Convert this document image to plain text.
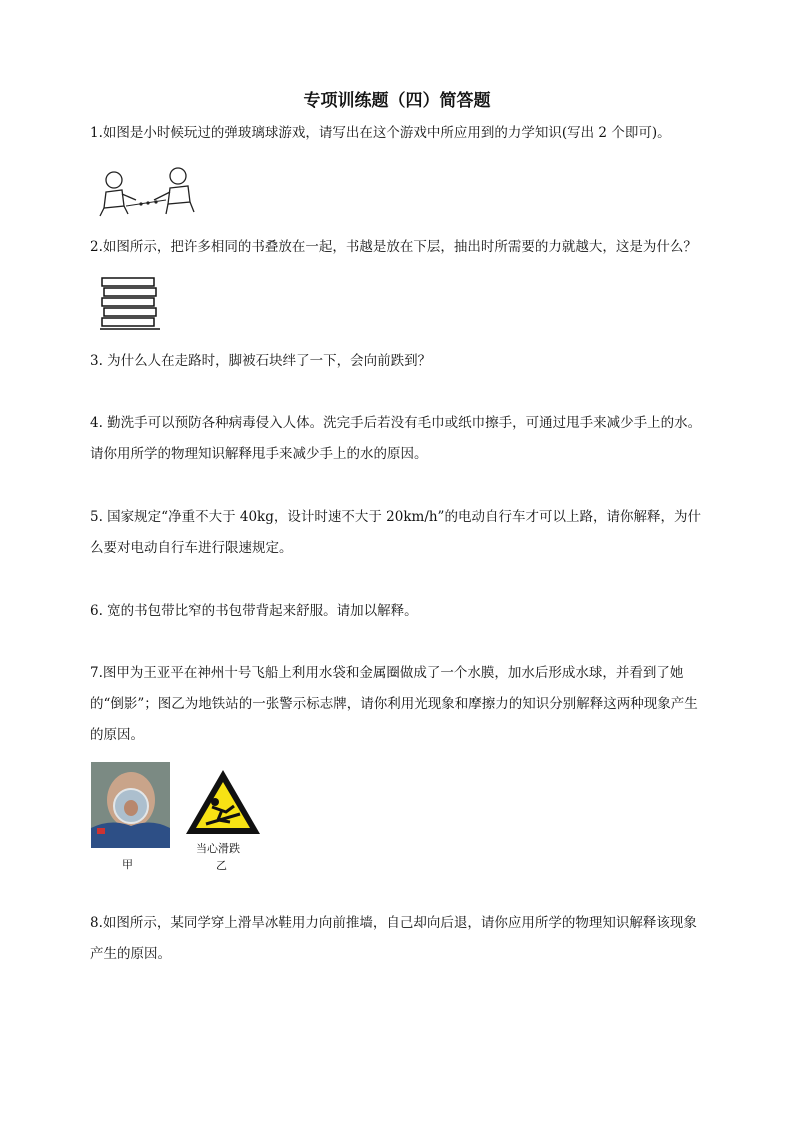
专项训练题（四）简答题
1.如图是小时候玩过的弹玻璃球游戏，请写出在这个游戏中所应用到的力学知识(写出 2 个即可)。
2.如图所示，把许多相同的书叠放在一起，书越是放在下层，抽出时所需要的力就越大，这是为什么？
3. 为什么人在走路时，脚被石块绊了一下，会向前跌到？
4. 勤洗手可以预防各种病毒侵入人体。洗完手后若没有毛巾或纸巾擦手，可通过甩手来减少手上的水。请你用所学的物理知识解释甩手来减少手上的水的原因。
5. 国家规定“净重不大于 40kg，设计时速不大于 20km/h”的电动自行车才可以上路，请你解释，为什么要对电动自行车进行限速规定。
6. 宽的书包带比窄的书包带背起来舒服。请加以解释。
7.图甲为王亚平在神州十号飞船上利用水袋和金属圈做成了一个水膜，加水后形成水球，并看到了她的“倒影”；图乙为地铁站的一张警示标志牌，请你利用光现象和摩擦力的知识分别解释这两种现象产生的原因。
当心滑跌
甲	乙
8.如图所示，某同学穿上滑旱冰鞋用力向前推墙，自己却向后退，请你应用所学的物理知识解释该现象产生的原因。
